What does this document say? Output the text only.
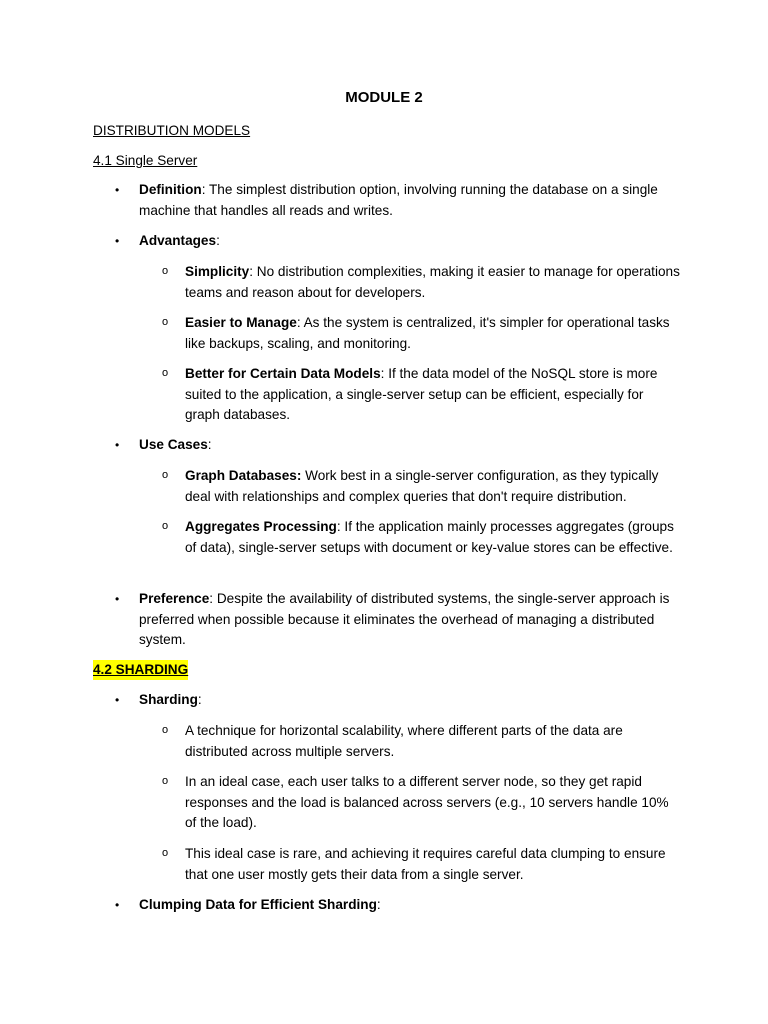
MODULE 2
DISTRIBUTION MODELS
4.1 Single Server
• Definition: The simplest distribution option, involving running the database on a single machine that handles all reads and writes.
• Advantages:
o Simplicity: No distribution complexities, making it easier to manage for operations teams and reason about for developers.
o Easier to Manage: As the system is centralized, it's simpler for operational tasks like backups, scaling, and monitoring.
o Better for Certain Data Models: If the data model of the NoSQL store is more suited to the application, a single-server setup can be efficient, especially for graph databases.
• Use Cases:
o Graph Databases: Work best in a single-server configuration, as they typically deal with relationships and complex queries that don't require distribution.
o Aggregates Processing: If the application mainly processes aggregates (groups of data), single-server setups with document or key-value stores can be effective.
• Preference: Despite the availability of distributed systems, the single-server approach is preferred when possible because it eliminates the overhead of managing a distributed system.
4.2 SHARDING
• Sharding:
o A technique for horizontal scalability, where different parts of the data are distributed across multiple servers.
o In an ideal case, each user talks to a different server node, so they get rapid responses and the load is balanced across servers (e.g., 10 servers handle 10% of the load).
o This ideal case is rare, and achieving it requires careful data clumping to ensure that one user mostly gets their data from a single server.
• Clumping Data for Efficient Sharding:
